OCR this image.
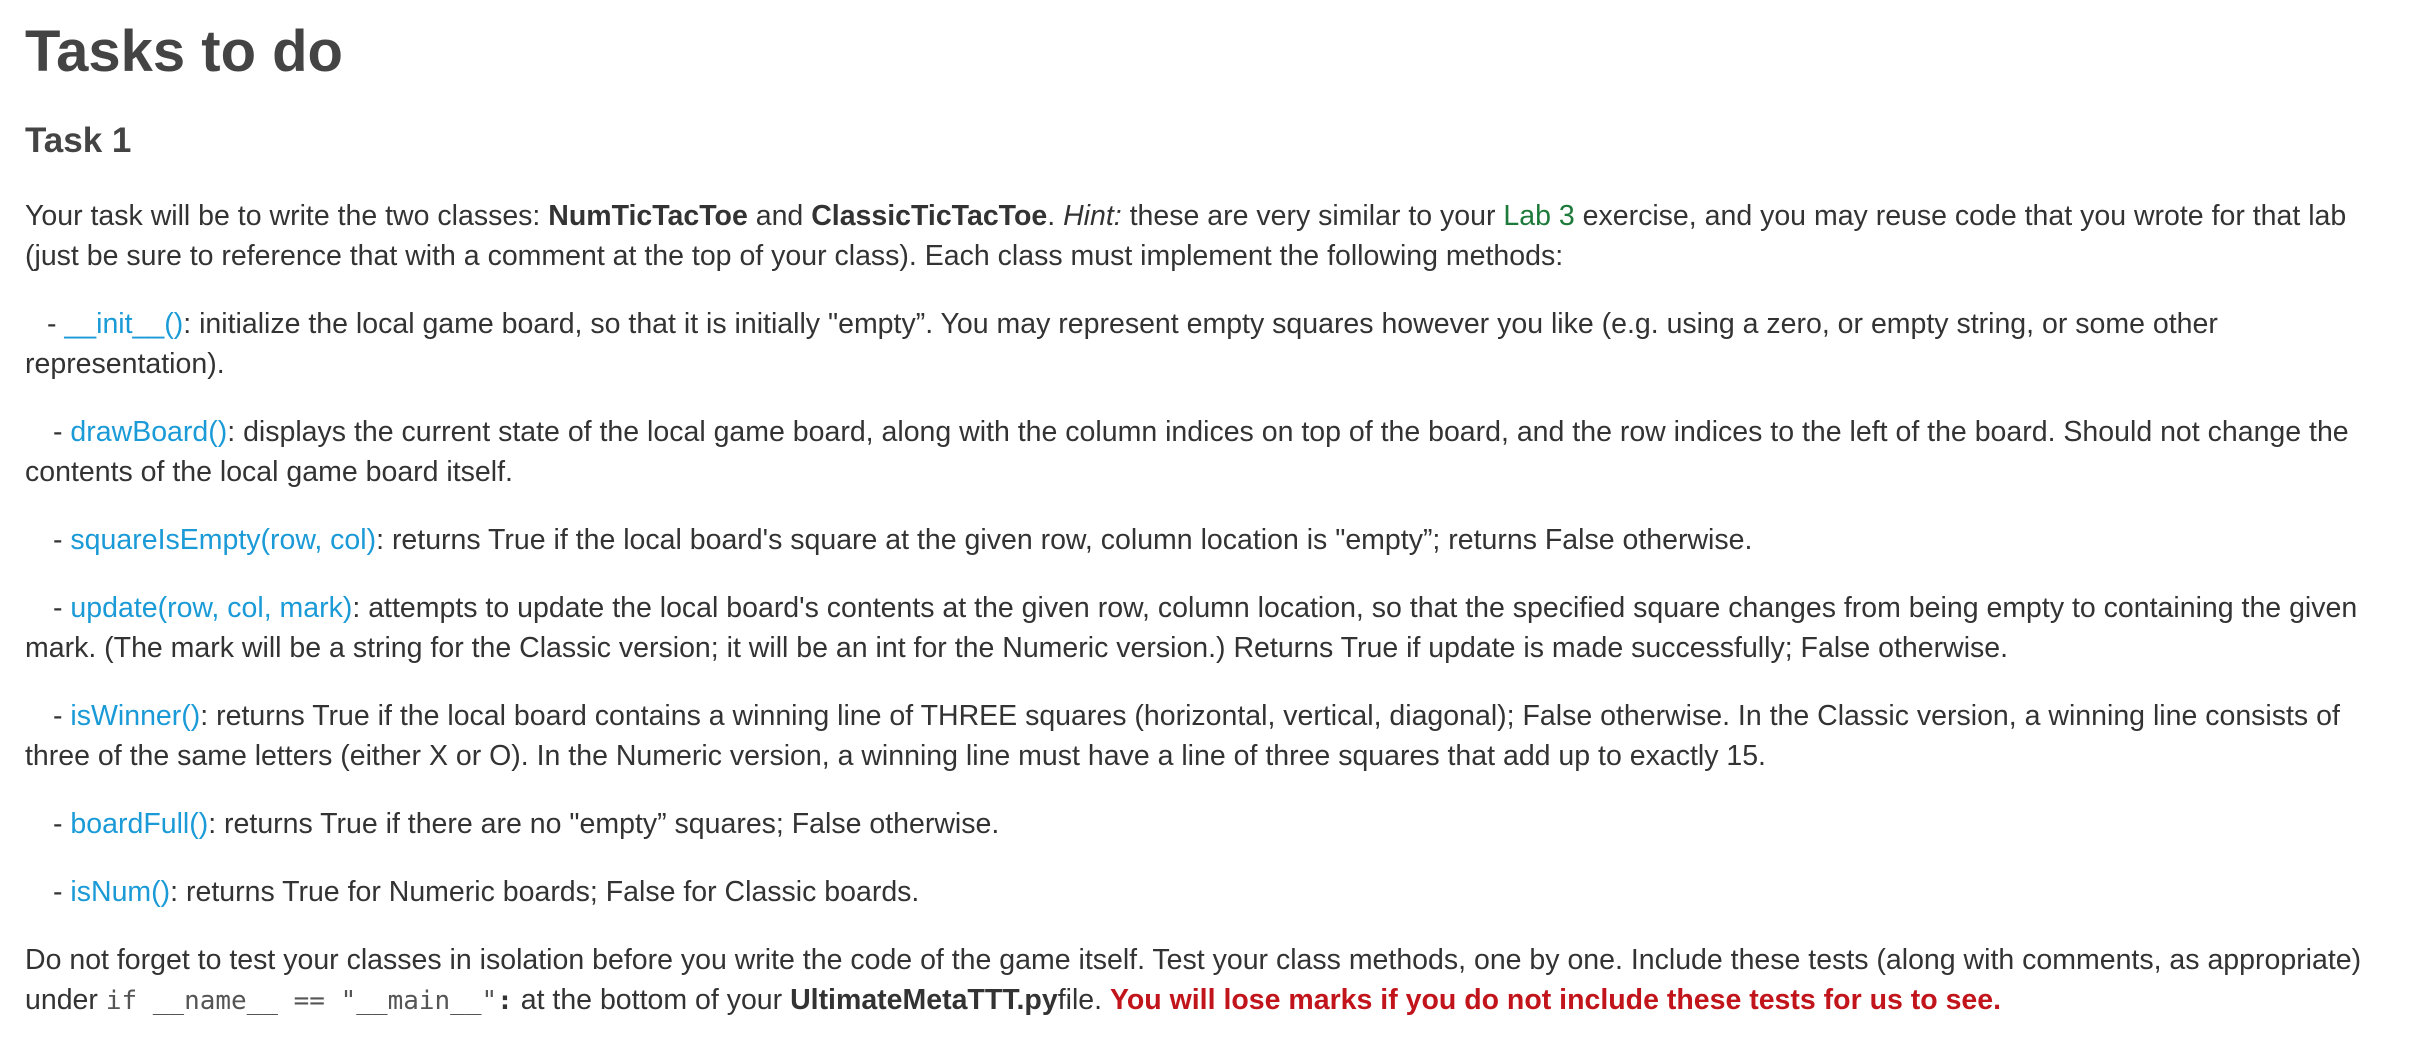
Tasks to do
Task 1

Your task will be to write the two classes: NumTicTacToe and ClassicTicTacToe. Hint: these are very similar to your Lab 3 exercise, and you may reuse code that you wrote for that lab (just be sure to reference that with a comment at the top of your class). Each class must implement the following methods:

- __init__(): initialize the local game board, so that it is initially "empty”. You may represent empty squares however you like (e.g. using a zero, or empty string, or some other representation).

- drawBoard(): displays the current state of the local game board, along with the column indices on top of the board, and the row indices to the left of the board. Should not change the contents of the local game board itself.

- squareIsEmpty(row, col): returns True if the local board's square at the given row, column location is "empty”; returns False otherwise.

- update(row, col, mark): attempts to update the local board's contents at the given row, column location, so that the specified square changes from being empty to containing the given mark. (The mark will be a string for the Classic version; it will be an int for the Numeric version.) Returns True if update is made successfully; False otherwise.

- isWinner(): returns True if the local board contains a winning line of THREE squares (horizontal, vertical, diagonal); False otherwise. In the Classic version, a winning line consists of three of the same letters (either X or O). In the Numeric version, a winning line must have a line of three squares that add up to exactly 15.

- boardFull(): returns True if there are no "empty” squares; False otherwise.

- isNum(): returns True for Numeric boards; False for Classic boards.

Do not forget to test your classes in isolation before you write the code of the game itself. Test your class methods, one by one. Include these tests (along with comments, as appropriate) under if __name__ == "__main__": at the bottom of your UltimateMetaTTT.pyfile. You will lose marks if you do not include these tests for us to see.
